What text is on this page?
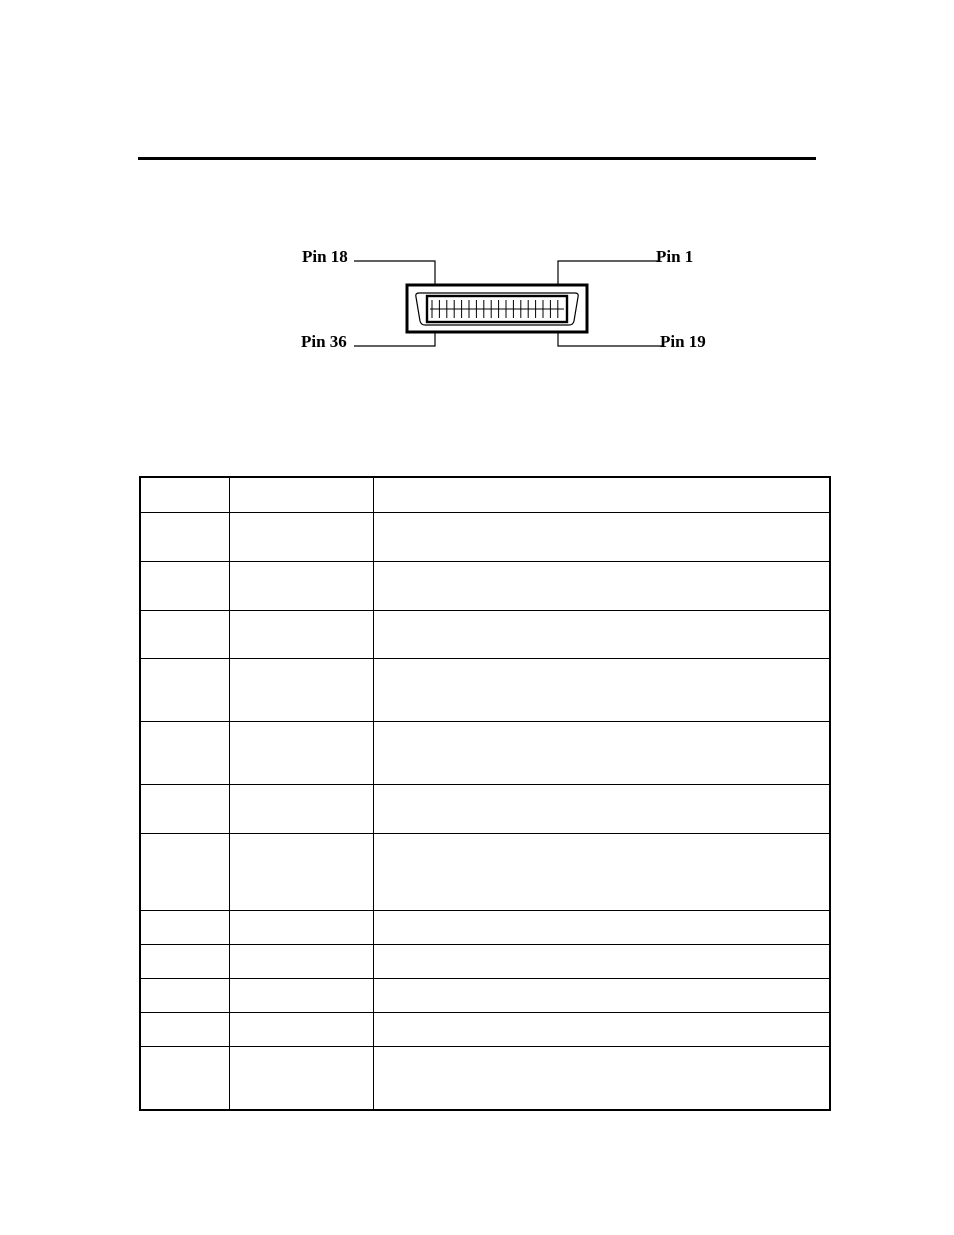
Pin 18	Pin 1
Pin 36	Pin 19
